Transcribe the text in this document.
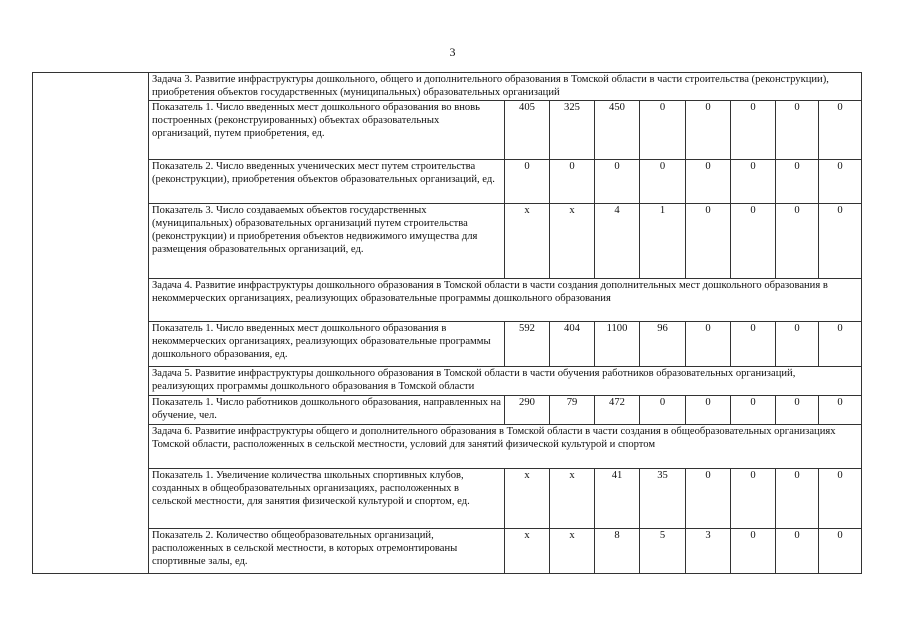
3
	Задача 3. Развитие инфраструктуры дошкольного, общего и дополнительного образования в Томской области в части строительства (реконструкции), приобретения объектов государственных (муниципальных) образовательных организаций								
	Показатель 1. Число введенных мест дошкольного образования во вновь построенных (реконструированных) объектах образовательных организаций, путем приобретения, ед.	405	325	450	0	0	0	0	0
	Показатель 2. Число введенных ученических мест путем строительства (реконструкции), приобретения объектов образовательных организаций, ед.	0	0	0	0	0	0	0	0
	Показатель 3. Число создаваемых объектов государственных (муниципальных) образовательных организаций путем строительства (реконструкции) и приобретения объектов недвижимого имущества для размещения образовательных организаций, ед.	x	x	4	1	0	0	0	0
	Задача 4. Развитие инфраструктуры дошкольного образования в Томской области в части создания дополнительных мест дошкольного образования в некоммерческих организациях, реализующих образовательные программы дошкольного образования								
	Показатель 1. Число введенных мест дошкольного образования в некоммерческих организациях, реализующих образовательные программы дошкольного образования, ед.	592	404	1100	96	0	0	0	0
	Задача 5. Развитие инфраструктуры дошкольного образования в Томской области в части обучения работников образовательных организаций, реализующих программы дошкольного образования в Томской области								
	Показатель 1. Число работников дошкольного образования, направленных на обучение, чел.	290	79	472	0	0	0	0	0
	Задача 6. Развитие инфраструктуры общего и дополнительного образования в Томской области в части создания в общеобразовательных организациях Томской области, расположенных в сельской местности, условий для занятий физической культурой и спортом								
	Показатель 1. Увеличение количества школьных спортивных клубов, созданных в общеобразовательных организациях, расположенных в сельской местности, для занятия физической культурой и спортом, ед.	x	x	41	35	0	0	0	0
	Показатель 2. Количество общеобразовательных организаций, расположенных в сельской местности, в которых отремонтированы спортивные залы, ед.	x	x	8	5	3	0	0	0
